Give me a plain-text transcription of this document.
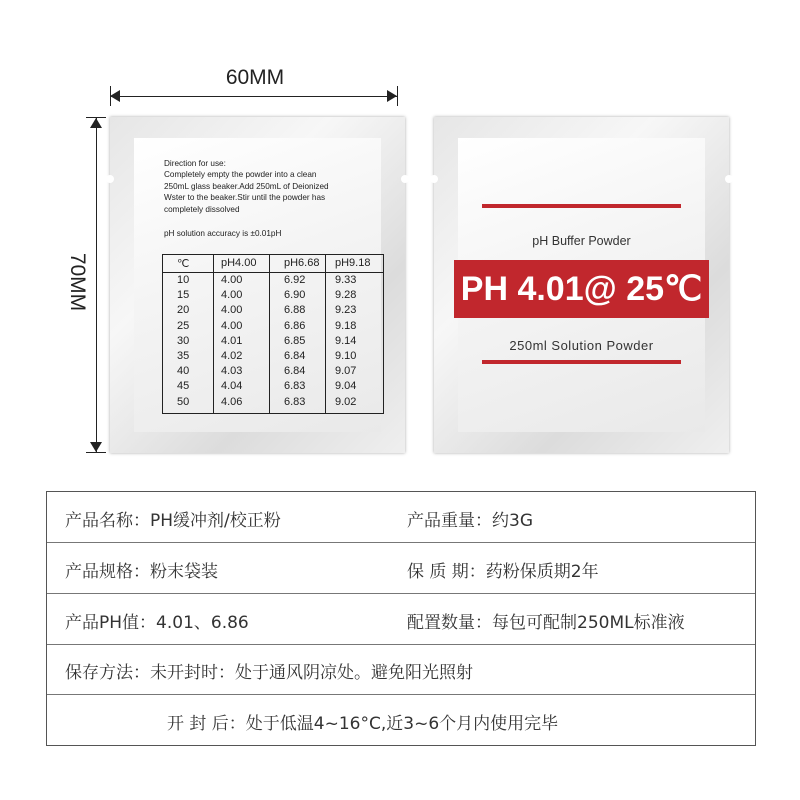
60MM
70MM

Direction for use:

Completely empty the powder into a clean

250mL glass beaker.Add 250mL of Deionized

Wster to the beaker.Stir until the powder has

completely dissolved

pH solution accuracy is ±0.01pH
℃	pH4.00	pH6.68 pH9.18
10	4.00	6.92	9.33
15	4.00	6.90	9.28
20	4.00	6.88	9.23
25	4.00	6.86	9.18
30	4.01	6.85	9.14
35	4.02	6.84	9.10
40	4.03	6.84	9.07
45	4.04	6.83	9.04
50	4.06	6.83	9.02
pH Buffer Powder
PH 4.01@ 25℃
250ml Solution Powder
产品名称：PH缓冲剂/校正粉	产品重量：约3G
产品规格：粉末袋装	保 质 期：药粉保质期2年
产品PH值：4.01、6.86	配置数量：每包可配制250ML标准液
保存方法：未开封时：处于通风阴凉处。避免阳光照射
开 封 后：处于低温4~16°C,近3~6个月内使用完毕
